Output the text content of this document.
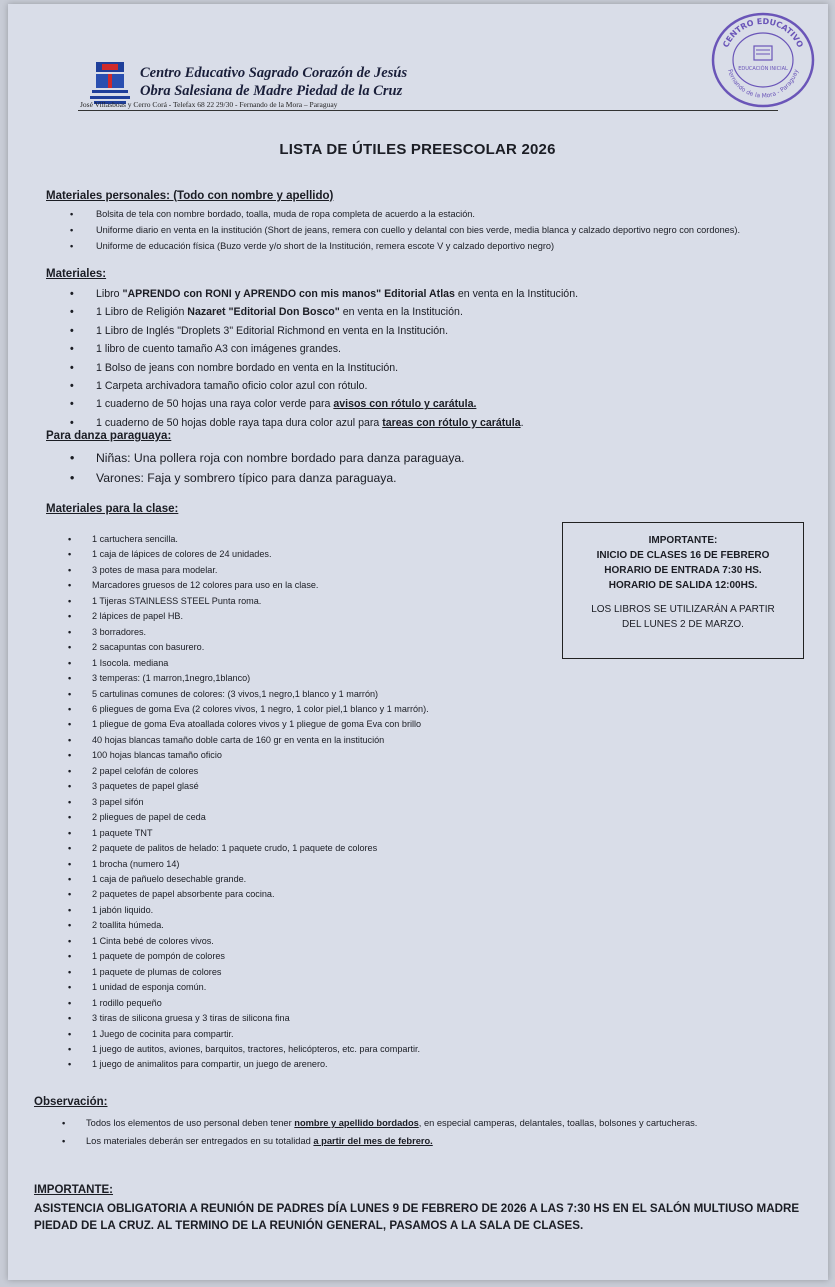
Centro Educativo Sagrado Corazón de Jesús
Obra Salesiana de Madre Piedad de la Cruz
José Villasboas y Cerro Corá - Telefax 68 22 29/30 - Fernando de la Mora – Paraguay
CENTRO EDUCATIVO
Fernando de la Mora - Paraguay
EDUCACIÓN INICIAL
LISTA DE ÚTILES PREESCOLAR 2026
Materiales personales: (Todo con nombre y apellido)
• Bolsita de tela con nombre bordado, toalla, muda de ropa completa de acuerdo a la estación.
• Uniforme diario en venta en la institución (Short de jeans, remera con cuello y delantal con bies verde, media blanca y calzado deportivo negro con cordones).
• Uniforme de educación física (Buzo verde y/o short de la Institución, remera escote V y calzado deportivo negro)
Materiales:
• Libro "APRENDO con RONI y APRENDO con mis manos" Editorial Atlas en venta en la Institución.
• 1 Libro de Religión Nazaret "Editorial Don Bosco" en venta en la Institución.
• 1 Libro de Inglés "Droplets 3" Editorial Richmond en venta en la Institución.
• 1 libro de cuento tamaño A3 con imágenes grandes.
• 1 Bolso de jeans con nombre bordado en venta en la Institución.
• 1 Carpeta archivadora tamaño oficio color azul con rótulo.
• 1 cuaderno de 50 hojas una raya color verde para avisos con rótulo y carátula.
• 1 cuaderno de 50 hojas doble raya tapa dura color azul para tareas con rótulo y carátula.
Para danza paraguaya:
• Niñas: Una pollera roja con nombre bordado para danza paraguaya.
• Varones: Faja y sombrero típico para danza paraguaya.
Materiales para la clase:
• 1 cartuchera sencilla.
• 1 caja de lápices de colores de 24 unidades.
• 3 potes de masa para modelar.
• Marcadores gruesos de 12 colores para uso en la clase.
• 1 Tijeras STAINLESS STEEL Punta roma.
• 2 lápices de papel HB.
• 3 borradores.
• 2 sacapuntas con basurero.
• 1 Isocola. mediana
• 3 temperas: (1 marron,1negro,1blanco)
• 5 cartulinas comunes de colores: (3 vivos,1 negro,1 blanco y 1 marrón)
• 6 pliegues de goma Eva (2 colores vivos, 1 negro, 1 color piel,1 blanco y 1 marrón).
• 1 pliegue de goma Eva atoallada colores vivos y 1 pliegue de goma Eva con brillo
• 40 hojas blancas tamaño doble carta de 160 gr en venta en la institución
• 100 hojas blancas tamaño oficio
• 2 papel celofán de colores
• 3 paquetes de papel glasé
• 3 papel sifón
• 2 pliegues de papel de ceda
• 1 paquete TNT
• 2 paquete de palitos de helado: 1 paquete crudo, 1 paquete de colores
• 1 brocha (numero 14)
• 1 caja de pañuelo desechable grande.
• 2 paquetes de papel absorbente para cocina.
• 1 jabón liquido.
• 2 toallita húmeda.
• 1 Cinta bebé de colores vivos.
• 1 paquete de pompón de colores
• 1 paquete de plumas de colores
• 1 unidad de esponja común.
• 1 rodillo pequeño
• 3 tiras de silicona gruesa y 3 tiras de silicona fina
• 1 Juego de cocinita para compartir.
• 1 juego de autitos, aviones, barquitos, tractores, helicópteros, etc. para compartir.
• 1 juego de animalitos para compartir, un juego de arenero.
IMPORTANTE:
INICIO DE CLASES 16 DE FEBRERO
HORARIO DE ENTRADA 7:30 HS.
HORARIO DE SALIDA 12:00HS.
LOS LIBROS SE UTILIZARÁN A PARTIR
DEL LUNES 2 DE MARZO.
Observación:
• Todos los elementos de uso personal deben tener nombre y apellido bordados, en especial camperas, delantales, toallas, bolsones y cartucheras.
• Los materiales deberán ser entregados en su totalidad a partir del mes de febrero.
IMPORTANTE:
ASISTENCIA OBLIGATORIA A REUNIÓN DE PADRES DÍA LUNES 9 DE FEBRERO DE 2026 A LAS 7:30 HS EN EL SALÓN MULTIUSO MADRE PIEDAD DE LA CRUZ. AL TERMINO DE LA REUNIÓN GENERAL, PASAMOS A LA SALA DE CLASES.
